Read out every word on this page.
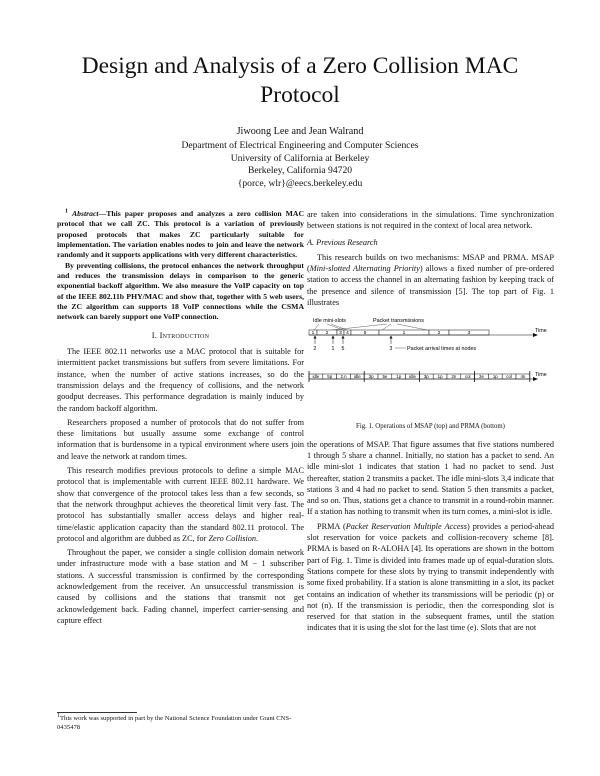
Design and Analysis of a Zero Collision MAC Protocol
Jiwoong Lee and Jean Walrand
Department of Electrical Engineering and Computer Sciences
University of California at Berkeley
Berkeley, California 94720
{porce, wlr}@eecs.berkeley.edu

$^1$ Abstract—This paper proposes and analyzes a zero collision MAC protocol that we call ZC. This protocol is a variation of previously proposed protocols that makes ZC particularly suitable for implementation. The variation enables nodes to join and leave the network randomly and it supports applications with very different characteristics.

By preventing collisions, the protocol enhances the network throughput and reduces the transmission delays in comparison to the generic exponential backoff algorithm. We also measure the VoIP capacity on top of the IEEE 802.11b PHY/MAC and show that, together with 5 web users, the ZC algorithm can supports 18 VoIP connections while the CSMA network can barely support one VoIP connection.

I. Introduction

The IEEE 802.11 networks use a MAC protocol that is suitable for intermittent packet transmissions but suffers from severe limitations. For instance, when the number of active stations increases, so do the transmission delays and the frequency of collisions, and the network goodput decreases. This performance degradation is mainly induced by the random backoff algorithm.

Researchers proposed a number of protocols that do not suffer from these limitations but usually assume some exchange of control information that is burdensome in a typical environment where users join and leave the network at random times.

This research modifies previous protocols to define a simple MAC protocol that is implementable with current IEEE 802.11 hardware. We show that convergence of the protocol takes less than a few seconds, so that the network throughput achieves the theoretical limit very fast. The protocol has substantially smaller access delays and higher real-time/elastic application capacity than the standard 802.11 protocol. The protocol and algorithm are dubbed as ZC, for Zero Collision.

Throughout the paper, we consider a single collision domain network under infrastructure mode with a base station and M − 1 subscriber stations. A successful transmission is confirmed by the corresponding acknowledgement from the receiver. An unsuccessful transmission is caused by collisions and the stations that transmit not get acknowledgement back. Fading channel, imperfect carrier-sensing and capture effect

$^1$This work was supported in part by the National Science Foundation under Grant CNS-0435478

are taken into considerations in the simulations. Time synchronization between stations is not required in the context of local area network.

A. Previous Research

This research builds on two mechanisms: MSAP and PRMA. MSAP (Mini-slotted Alternating Priority) allows a fixed number of pre-ordered station to access the channel in an alternating fashion by keeping track of the presence and silence of transmission [5]. The top part of Fig. 1 illustrates

Idle mini-slots	Packet transmissions
1 2 3 4	5	1	2	3	Time
2	1 5	3	Packet arrival times at nodes
idle 5p 2.n idle 3p 5e 1p idle 3p 1p 2n col 3e 1p col 4n Time

Fig. 1. Operations of MSAP (top) and PRMA (bottom)

the operations of MSAP. That figure assumes that five stations numbered 1 through 5 share a channel. Initially, no station has a packet to send. An idle mini-slot 1 indicates that station 1 had no packet to send. Just thereafter, station 2 transmits a packet. The idle mini-slots 3,4 indicate that stations 3 and 4 had no packet to send. Station 5 then transmits a packet, and so on. Thus, stations get a chance to transmit in a round-robin manner. If a station has nothing to transmit when its turn comes, a mini-slot is idle.

PRMA (Packet Reservation Multiple Access) provides a period-ahead slot reservation for voice packets and collision-recovery scheme [8]. PRMA is based on R-ALOHA [4]. Its operations are shown in the bottom part of Fig. 1. Time is divided into frames made up of equal-duration slots. Stations compete for these slots by trying to transmit independently with some fixed probability. If a station is alone transmitting in a slot, its packet contains an indication of whether its transmissions will be periodic (p) or not (n). If the transmission is periodic, then the corresponding slot is reserved for that station in the subsequent frames, until the station indicates that it is using the slot for the last time (e). Slots that are not
